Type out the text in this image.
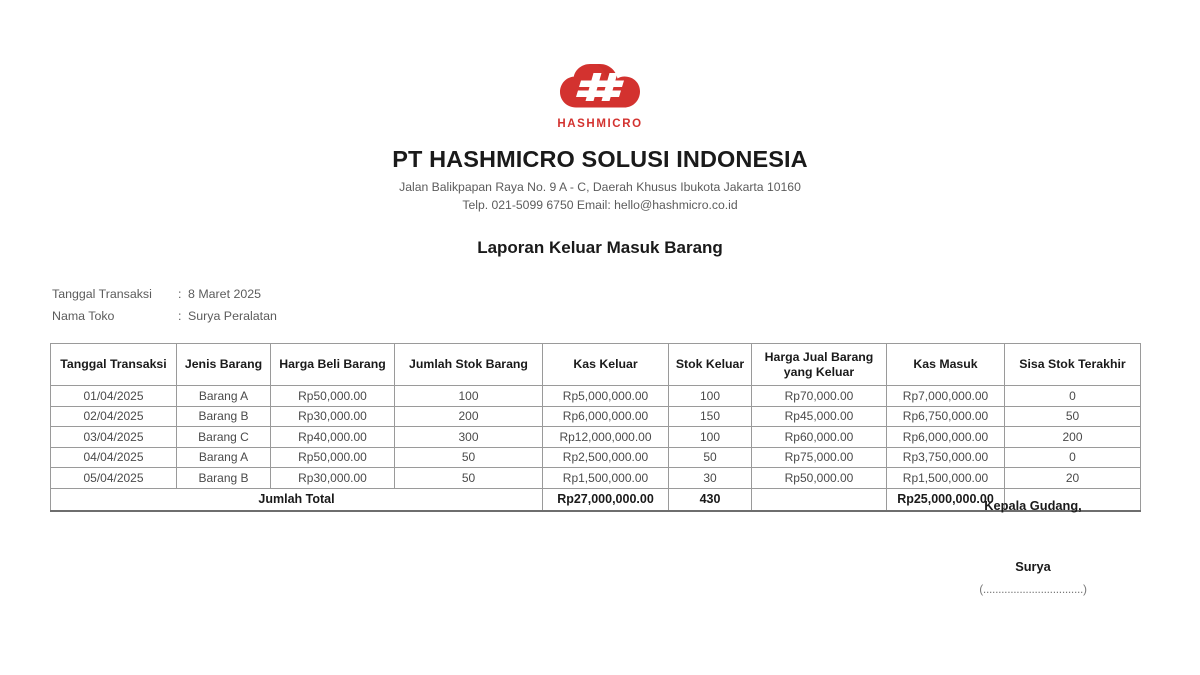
HASHMICRO
PT HASHMICRO SOLUSI INDONESIA
Jalan Balikpapan Raya No. 9 A - C, Daerah Khusus Ibukota Jakarta 10160
Telp. 021-5099 6750 Email: hello@hashmicro.co.id
Laporan Keluar Masuk Barang
Tanggal Transaksi	: 8 Maret 2025
Nama Toko	: Surya Peralatan
Tanggal Transaksi	Jenis Barang	Harga Beli Barang	Jumlah Stok Barang	Kas Keluar	Stok Keluar	Harga Jual Barang yang Keluar	Kas Masuk	Sisa Stok Terakhir
01/04/2025	Barang A	Rp50,000.00	100	Rp5,000,000.00	100	Rp70,000.00	Rp7,000,000.00	0
02/04/2025	Barang B	Rp30,000.00	200	Rp6,000,000.00	150	Rp45,000.00	Rp6,750,000.00	50
03/04/2025	Barang C	Rp40,000.00	300	Rp12,000,000.00	100	Rp60,000.00	Rp6,000,000.00	200
04/04/2025	Barang A	Rp50,000.00	50	Rp2,500,000.00	50	Rp75,000.00	Rp3,750,000.00	0
05/04/2025	Barang B	Rp30,000.00	50	Rp1,500,000.00	30	Rp50,000.00	Rp1,500,000.00	20
Jumlah Total				Rp27,000,000.00	430		Rp25,000,000.00	
Kepala Gudang,
Surya
(.................................)
